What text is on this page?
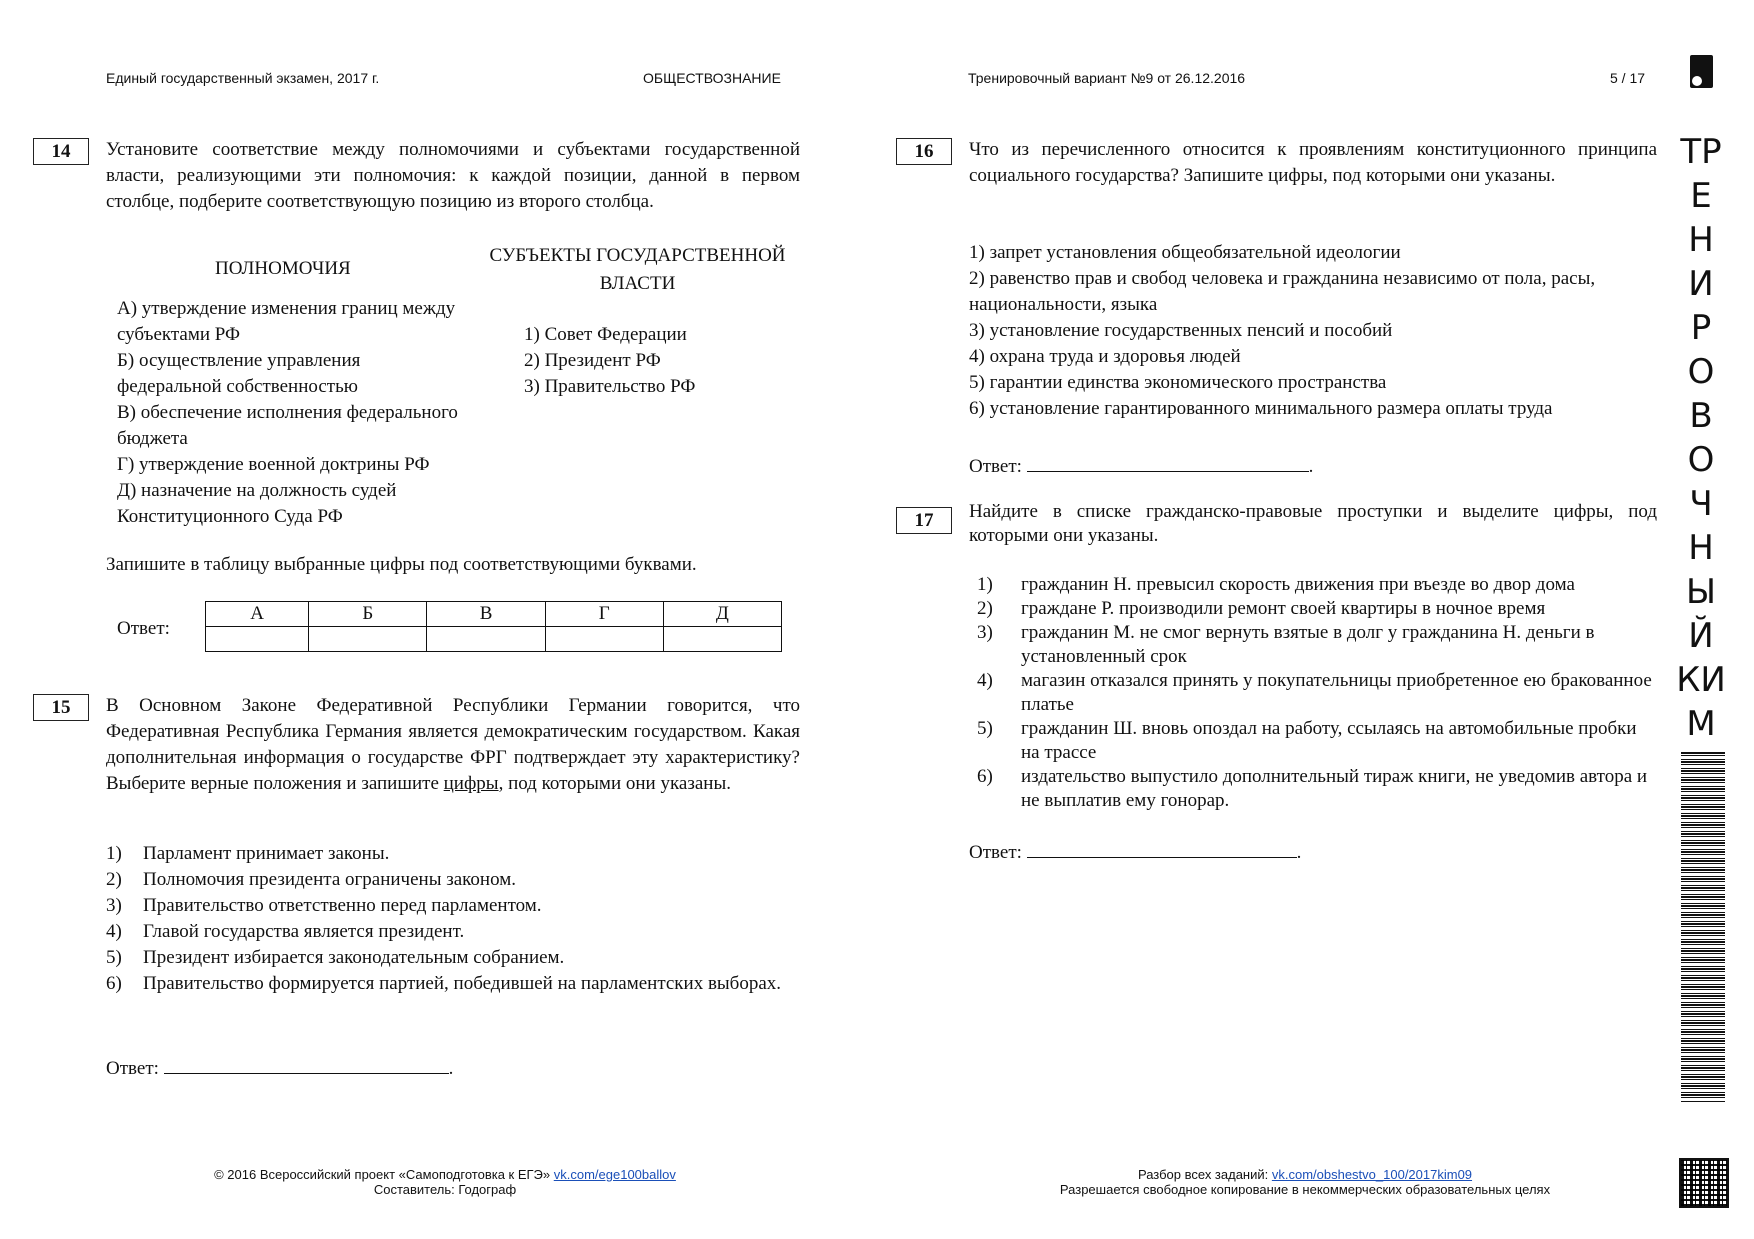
Единый государственный экзамен, 2017 г.	ОБЩЕСТВОЗНАНИЕ	Тренировочный вариант №9 от 26.12.2016	5 / 17
14	Установите соответствие между полномочиями и субъектами государственной власти, реализующими эти полномочия: к каждой позиции, данной в первом столбце, подберите соответствующую позицию из второго столбца.
ПОЛНОМОЧИЯ
СУБЪЕКТЫ ГОСУДАРСТВЕННОЙ ВЛАСТИ
А) утверждение изменения границ между субъектами РФ
Б) осуществление управления федеральной собственностью
В) обеспечение исполнения федерального бюджета
Г) утверждение военной доктрины РФ
Д) назначение на должность судей Конституционного Суда РФ
1) Совет Федерации
2) Президент РФ
3) Правительство РФ
Запишите в таблицу выбранные цифры под соответствующими буквами.
Ответ:
А	Б	В	Г	Д

15	В Основном Законе Федеративной Республики Германии говорится, что Федеративная Республика Германия является демократическим государством. Какая дополнительная информация о государстве ФРГ подтверждает эту характеристику? Выберите верные положения и запишите цифры, под которыми они указаны.
1)	Парламент принимает законы.
2)	Полномочия президента ограничены законом.
3)	Правительство ответственно перед парламентом.
4)	Главой государства является президент.
5)	Президент избирается законодательным собранием.
6)	Правительство формируется партией, победившей на парламентских выборах.
Ответ:	.
16	Что из перечисленного относится к проявлениям конституционного принципа социального государства? Запишите цифры, под которыми они указаны.
1) запрет установления общеобязательной идеологии
2) равенство прав и свобод человека и гражданина независимо от пола, расы, национальности, языка
3) установление государственных пенсий и пособий
4) охрана труда и здоровья людей
5) гарантии единства экономического пространства
6) установление гарантированного минимального размера оплаты труда
Ответ:	.
17	Найдите в списке гражданско-правовые проступки и выделите цифры, под которыми они указаны.
1)	гражданин Н. превысил скорость движения при въезде во двор дома
2)	граждане Р. производили ремонт своей квартиры в ночное время
3)	гражданин М. не смог вернуть взятые в долг у гражданина Н. деньги в установленный срок
4)	магазин отказался принять у покупательницы приобретенное ею бракованное платье
5)	гражданин Ш. вновь опоздал на работу, ссылаясь на автомобильные пробки на трассе
6)	издательство выпустило дополнительный тираж книги, не уведомив автора и не выплатив ему гонорар.
Ответ:	.
ТР
Е
Н
И
Р
О
В
О
Ч
Н
Ы
Й
КИ
М
© 2016 Всероссийский проект «Самоподготовка к ЕГЭ» vk.com/ege100ballov
Составитель: Годограф
Разбор всех заданий: vk.com/obshestvo_100/2017kim09
Разрешается свободное копирование в некоммерческих образовательных целях
